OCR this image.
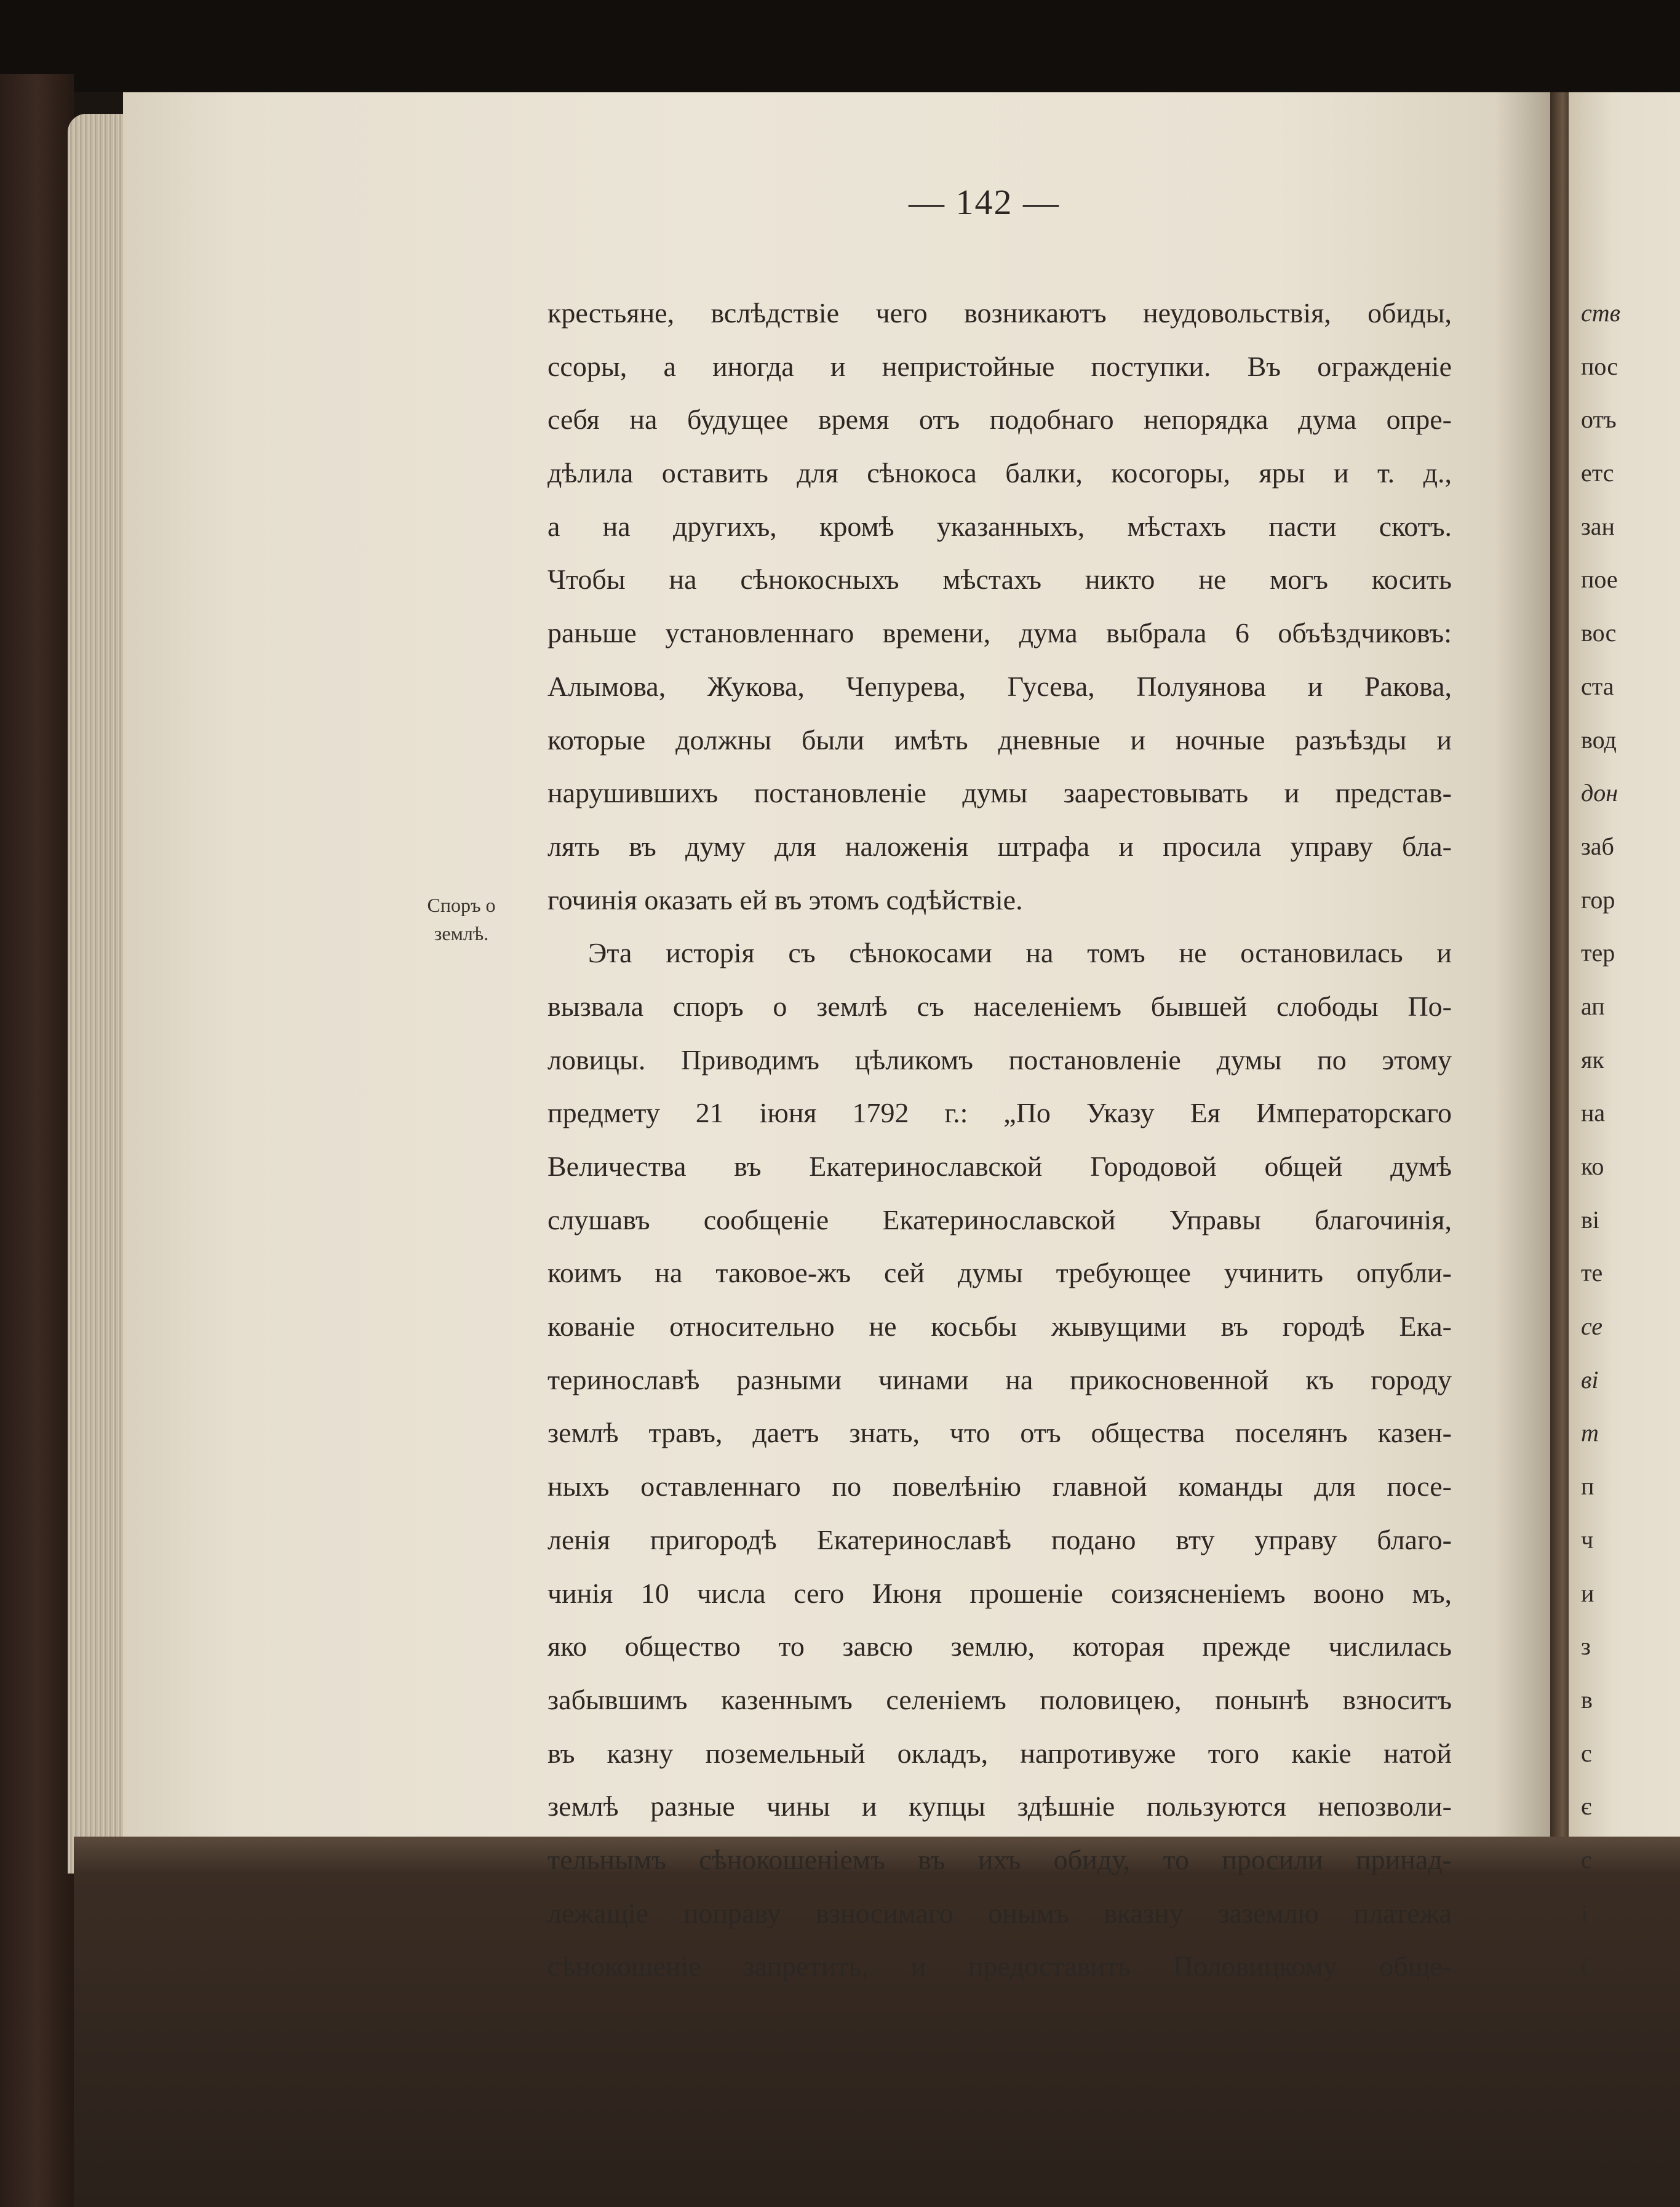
— 142 —
Споръ о
землѣ.
крестьяне, вслѣдствіе чего возникаютъ неудовольствія, обиды,
ссоры, а иногда и непристойные поступки. Въ огражденіе
себя на будущее время отъ подобнаго непорядка дума опре-
дѣлила оставить для сѣнокоса балки, косогоры, яры и т. д.,
а на другихъ, кромѣ указанныхъ, мѣстахъ пасти скотъ.
Чтобы на сѣнокосныхъ мѣстахъ никто не могъ косить
раньше установленнаго времени, дума выбрала 6 объѣздчиковъ:
Алымова, Жукова, Чепурева, Гусева, Полуянова и Ракова,
которые должны были имѣть дневные и ночные разъѣзды и
нарушившихъ постановленіе думы заарестовывать и представ-
лять въ думу для наложенія штрафа и просила управу бла-
гочинія оказать ей въ этомъ содѣйствіе.
Эта исторія съ сѣнокосами на томъ не остановилась и
вызвала споръ о землѣ съ населеніемъ бывшей слободы По-
ловицы. Приводимъ цѣликомъ постановленіе думы по этому
предмету 21 іюня 1792 г.: „По Указу Ея Императорскаго
Величества въ Екатеринославской Городовой общей думѣ
слушавъ сообщеніе Екатеринославской Управы благочинія,
коимъ на таковое-жъ сей думы требующее учинить опубли-
кованіе относительно не косьбы жывущими въ городѣ Ека-
теринославѣ разными чинами на прикосновенной къ городу
землѣ травъ, даетъ знать, что отъ общества поселянъ казен-
ныхъ оставленнаго по повелѣнію главной команды для посе-
ленія пригородѣ Екатеринославѣ подано вту управу благо-
чинія 10 числа сего Июня прошеніе соизясненіемъ вооно мъ,
яко общество то завсю землю, которая прежде числилась
забывшимъ казеннымъ селеніемъ половицею, понынѣ взноситъ
въ казну поземельный окладъ, напротивуже того какіе натой
землѣ разные чины и купцы здѣшніе пользуются непозволи-
тельнымъ сѣнокошеніемъ въ ихъ обиду, то просили принад-
лежащіе поправу взносимаго онымъ вказну заземлю платежа
сѣнокошеніе запретить, и предоставить Половицкому обще-
ств
пос
отъ
етс
зан
пое
вос
ста
вод
дон
заб
гор
тер
ап
як
на
ко
ві
те
се
ві
т
п
ч
и
з
в
с
є
с
і
(
